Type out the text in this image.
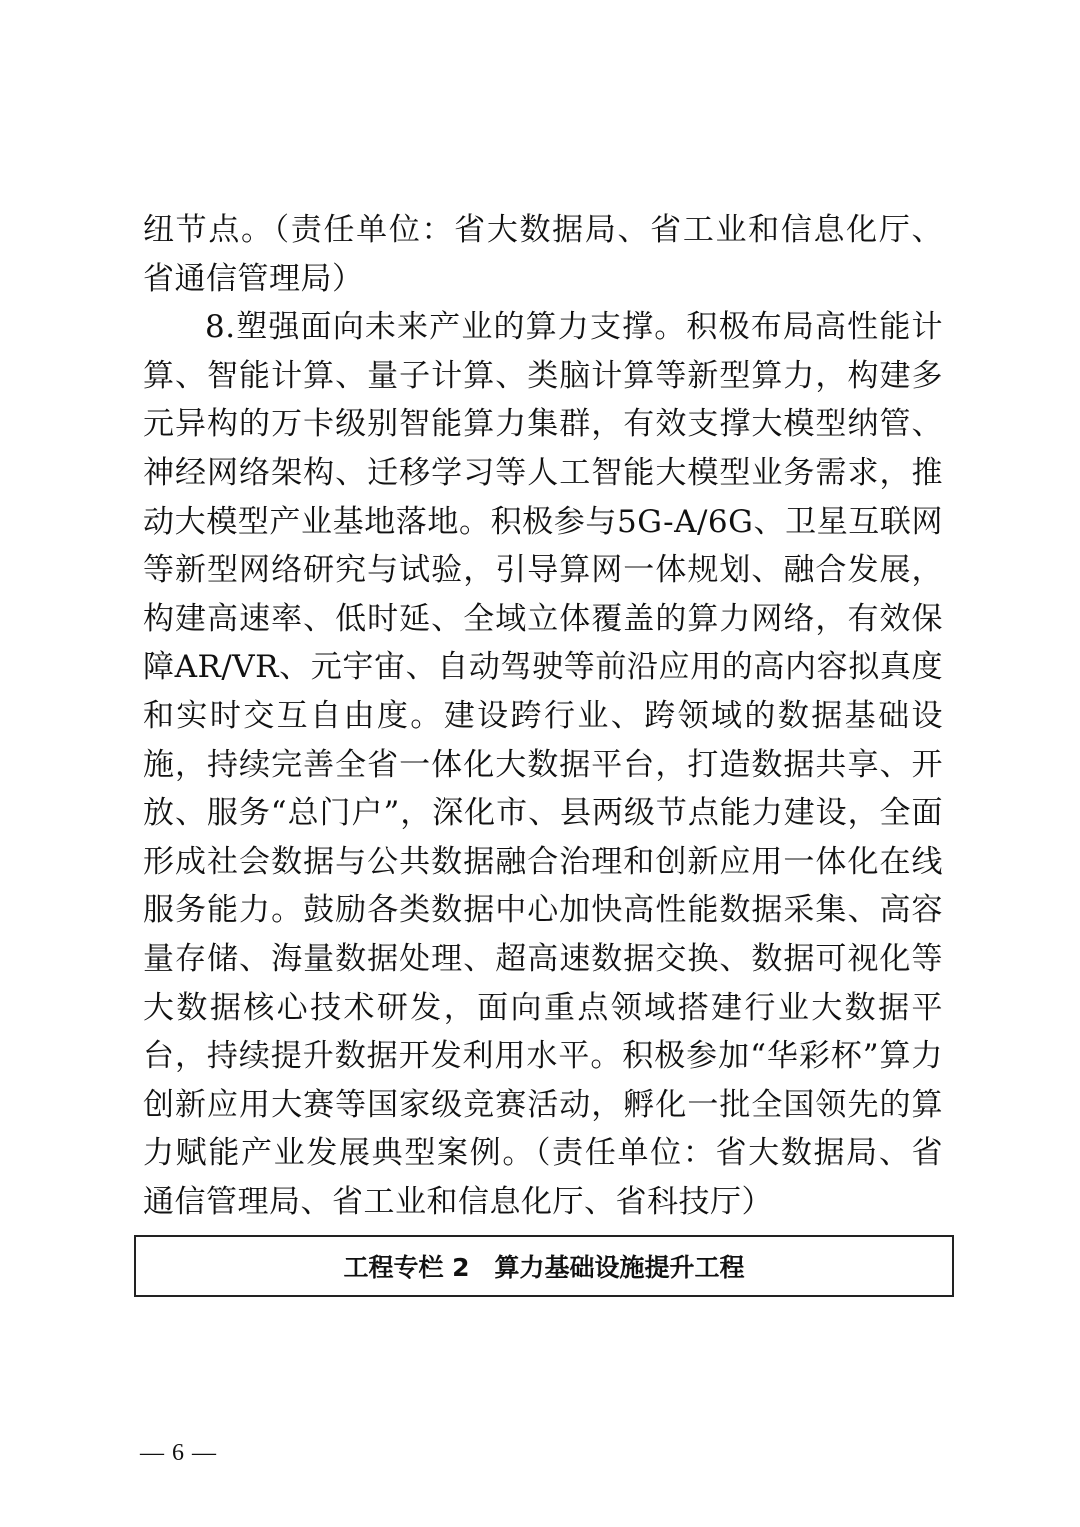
纽节点。（责任单位：省大数据局、省工业和信息化厅、省通信管理局）

8.塑强面向未来产业的算力支撑。积极布局高性能计算、智能计算、量子计算、类脑计算等新型算力，构建多元异构的万卡级别智能算力集群，有效支撑大模型纳管、神经网络架构、迁移学习等人工智能大模型业务需求，推动大模型产业基地落地。积极参与5G-A/6G、卫星互联网等新型网络研究与试验，引导算网一体规划、融合发展，构建高速率、低时延、全域立体覆盖的算力网络，有效保障AR/VR、元宇宙、自动驾驶等前沿应用的高内容拟真度和实时交互自由度。建设跨行业、跨领域的数据基础设施，持续完善全省一体化大数据平台，打造数据共享、开放、服务“总门户”，深化市、县两级节点能力建设，全面形成社会数据与公共数据融合治理和创新应用一体化在线服务能力。鼓励各类数据中心加快高性能数据采集、高容量存储、海量数据处理、超高速数据交换、数据可视化等大数据核心技术研发，面向重点领域搭建行业大数据平台，持续提升数据开发利用水平。积极参加“华彩杯”算力创新应用大赛等国家级竞赛活动，孵化一批全国领先的算力赋能产业发展典型案例。（责任单位：省大数据局、省通信管理局、省工业和信息化厅、省科技厅）

工程专栏 2　算力基础设施提升工程
— 6 —
